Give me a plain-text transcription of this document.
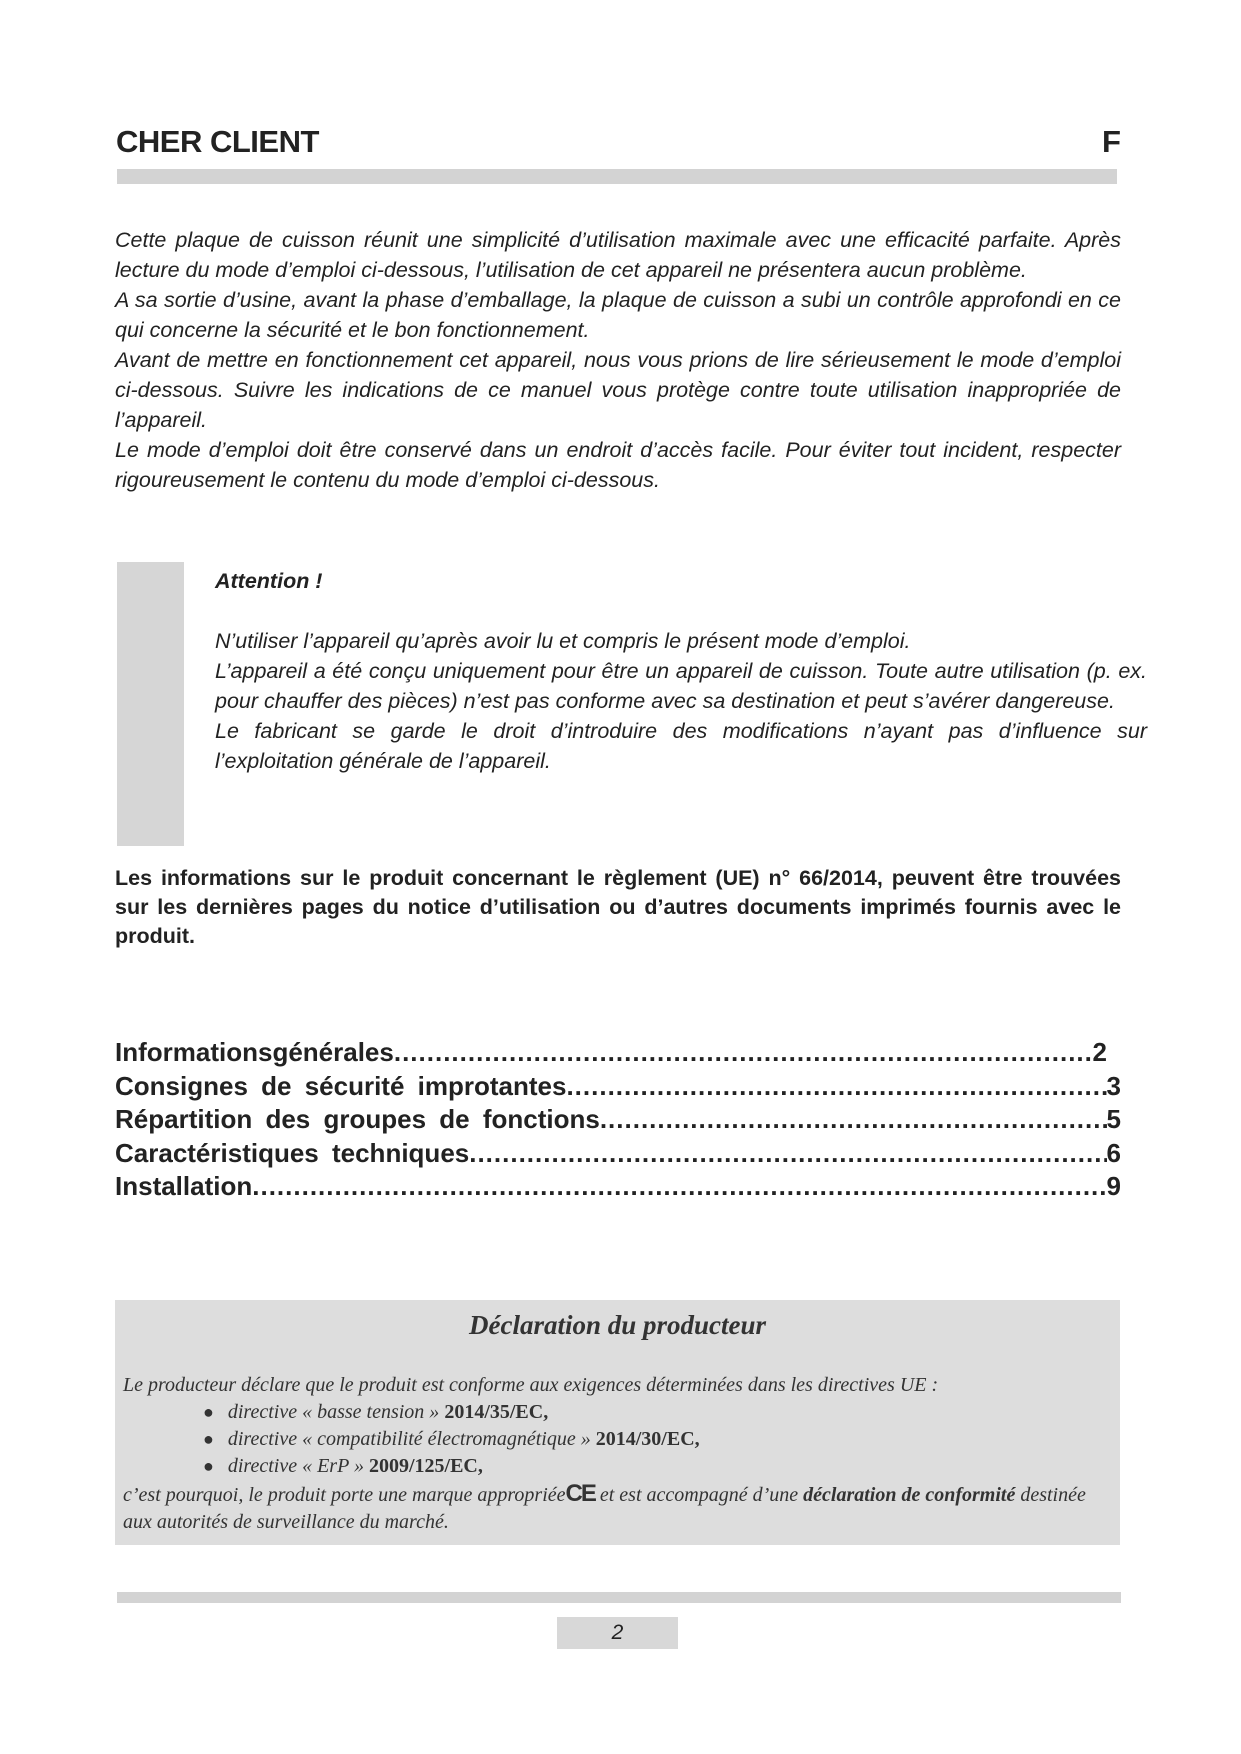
CHER CLIENT	F

Cette plaque de cuisson réunit une simplicité d’utilisation maximale avec une efficacité parfaite. Après lecture du mode d’emploi ci-dessous, l’utilisation de cet appareil ne présentera aucun problème.

A sa sortie d’usine, avant la phase d’emballage, la plaque de cuisson a subi un contrôle approfondi en ce qui concerne la sécurité et le bon fonctionnement.

Avant de mettre en fonctionnement cet appareil, nous vous prions de lire sérieusement le mode d’emploi ci-dessous. Suivre les indications de ce manuel vous protège contre toute utilisation inappropriée de l’appareil.

Le mode d’emploi doit être conservé dans un endroit d’accès facile. Pour éviter tout incident, respecter rigoureusement le contenu du mode d’emploi ci-dessous.

Attention !

N’utiliser l’appareil qu’après avoir lu et compris le présent mode d’emploi.

L’appareil a été conçu uniquement pour être un appareil de cuisson. Toute autre utilisation (p. ex. pour chauffer des pièces) n’est pas conforme avec sa destination et peut s’avérer dangereuse.

Le fabricant se garde le droit d’introduire des modifications n’ayant pas d’influence sur l’exploitation générale de l’appareil.

Les informations sur le produit concernant le règlement (UE) n° 66/2014, peuvent être trouvées sur les dernières pages du notice d’utilisation ou d’autres documents imprimés fournis avec le produit.
Informationsgénérales .....	2
Consignes de sécurité improtantes .....	3
Répartition des groupes de fonctions .....	5
Caractéristiques techniques .....	6
Installation .....	9
Déclaration du producteur
Le producteur déclare que le produit est conforme aux exigences déterminées dans les directives UE :
● directive « basse tension » 2014/35/EC,
● directive « compatibilité électromagnétique » 2014/30/EC,
● directive « ErP » 2009/125/EC,
c’est pourquoi, le produit porte une marque appropriéeCE et est accompagné d’une déclaration de conformité destinée aux autorités de surveillance du marché.
2
